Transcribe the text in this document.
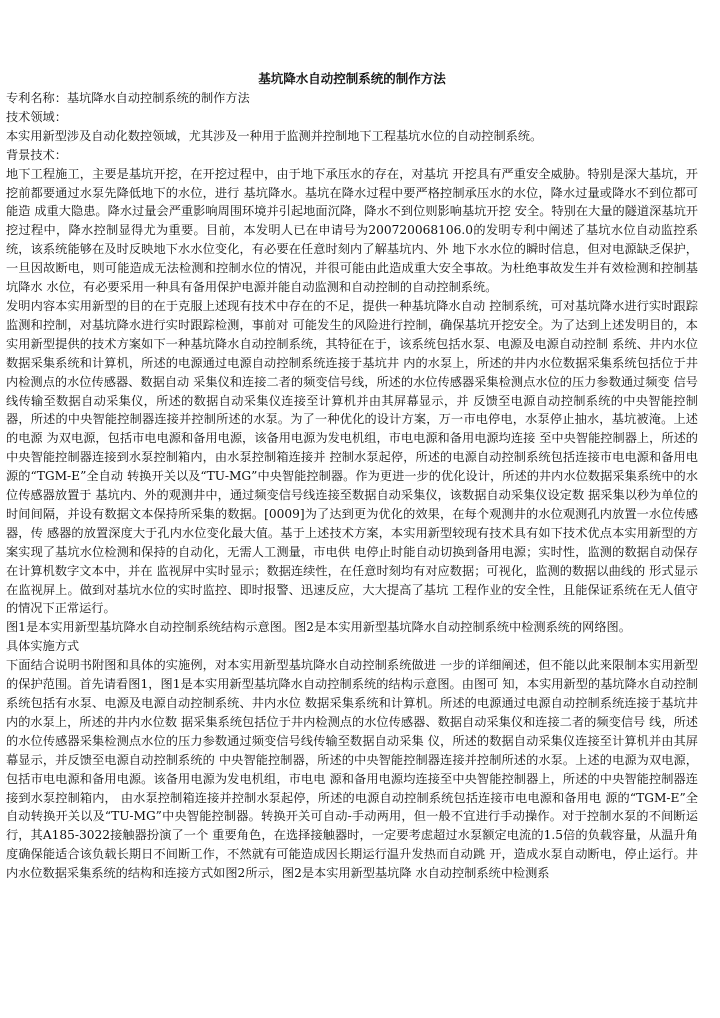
基坑降水自动控制系统的制作方法

专利名称：基坑降水自动控制系统的制作方法

技术领域：

本实用新型涉及自动化数控领域，尤其涉及一种用于监测并控制地下工程基坑水位的自动控制系统。

背景技术：

地下工程施工，主要是基坑开挖，在开挖过程中，由于地下承压水的存在，对基坑 开挖具有严重安全威胁。特别是深大基坑，开挖前都要通过水泵先降低地下的水位，进行 基坑降水。基坑在降水过程中要严格控制承压水的水位，降水过量或降水不到位都可能造 成重大隐患。降水过量会严重影响周围环境并引起地面沉降，降水不到位则影响基坑开挖 安全。特别在大量的隧道深基坑开挖过程中，降水控制显得尤为重要。目前，本发明人已在申请号为200720068106.0的发明专利中阐述了基坑水位自动监控系统，该系统能够在及时反映地下水水位变化，有必要在任意时刻内了解基坑内、外 地下水水位的瞬时信息，但对电源缺乏保护，一旦因故断电，则可能造成无法检测和控制水位的情况，并很可能由此造成重大安全事故。为杜绝事故发生并有效检测和控制基坑降水 水位，有必要采用一种具有备用保护电源并能自动监测和自动控制的自动控制系统。

发明内容本实用新型的目的在于克服上述现有技术中存在的不足，提供一种基坑降水自动 控制系统，可对基坑降水进行实时跟踪监测和控制，对基坑降水进行实时跟踪检测，事前对 可能发生的风险进行控制，确保基坑开挖安全。为了达到上述发明目的，本实用新型提供的技术方案如下一种基坑降水自动控制系统，其特征在于，该系统包括水泵、电源及电源自动控制 系统、井内水位数据采集系统和计算机，所述的电源通过电源自动控制系统连接于基坑井 内的水泵上，所述的井内水位数据采集系统包括位于井内检测点的水位传感器、数据自动 采集仪和连接二者的频变信号线，所述的水位传感器采集检测点水位的压力参数通过频变 信号线传输至数据自动采集仪，所述的数据自动采集仪连接至计算机并由其屏幕显示，并 反馈至电源自动控制系统的中央智能控制器，所述的中央智能控制器连接并控制所述的水泵。为了一种优化的设计方案，万一市电停电，水泵停止抽水，基坑被淹。上述的电源 为双电源，包括市电电源和备用电源，该备用电源为发电机组，市电电源和备用电源均连接 至中央智能控制器上，所述的中央智能控制器连接到水泵控制箱内，由水泵控制箱连接并 控制水泵起停，所述的电源自动控制系统包括连接市电电源和备用电源的“TGM-E”全自动 转换开关以及“TU-MG”中央智能控制器。作为更进一步的优化设计，所述的井内水位数据采集系统中的水位传感器放置于 基坑内、外的观测井中，通过频变信号线连接至数据自动采集仪，该数据自动采集仪设定数 据采集以秒为单位的时间间隔，并设有数据文本保持所采集的数据。[0009]为了达到更为优化的效果，在每个观测井的水位观测孔内放置一水位传感器，传 感器的放置深度大于孔内水位变化最大值。基于上述技术方案，本实用新型较现有技术具有如下技术优点本实用新型的方案实现了基坑水位检测和保持的自动化，无需人工测量，市电供 电停止时能自动切换到备用电源；实时性，监测的数据自动保存在计算机数字文本中，并在 监视屏中实时显示；数据连续性，在任意时刻均有对应数据；可视化，监测的数据以曲线的 形式显示在监视屏上。做到对基坑水位的实时监控、即时报警、迅速反应，大大提高了基坑 工程作业的安全性，且能保证系统在无人值守的情况下正常运行。

图1是本实用新型基坑降水自动控制系统结构示意图。图2是本实用新型基坑降水自动控制系统中检测系统的网络图。

具体实施方式

下面结合说明书附图和具体的实施例，对本实用新型基坑降水自动控制系统做进 一步的详细阐述，但不能以此来限制本实用新型的保护范围。首先请看图1，图1是本实用新型基坑降水自动控制系统的结构示意图。由图可 知，本实用新型的基坑降水自动控制系统包括有水泵、电源及电源自动控制系统、井内水位 数据采集系统和计算机。所述的电源通过电源自动控制系统连接于基坑井内的水泵上，所述的井内水位数 据采集系统包括位于井内检测点的水位传感器、数据自动采集仪和连接二者的频变信号 线，所述的水位传感器采集检测点水位的压力参数通过频变信号线传输至数据自动采集 仪，所述的数据自动采集仪连接至计算机并由其屏幕显示，并反馈至电源自动控制系统的 中央智能控制器，所述的中央智能控制器连接并控制所述的水泵。上述的电源为双电源，包括市电电源和备用电源。该备用电源为发电机组，市电电 源和备用电源均连接至中央智能控制器上，所述的中央智能控制器连接到水泵控制箱内， 由水泵控制箱连接并控制水泵起停，所述的电源自动控制系统包括连接市电电源和备用电 源的“TGM-E”全自动转换开关以及“TU-MG”中央智能控制器。转换开关可自动-手动两用，但一般不宜进行手动操作。对于控制水泵的不间断运行，其A185-3022接触器扮演了一个 重要角色，在选择接触器时，一定要考虑超过水泵额定电流的1.5倍的负载容量，从温升角 度确保能适合该负载长期日不间断工作，不然就有可能造成因长期运行温升发热而自动跳 开，造成水泵自动断电，停止运行。井内水位数据采集系统的结构和连接方式如图2所示，图2是本实用新型基坑降 水自动控制系统中检测系
